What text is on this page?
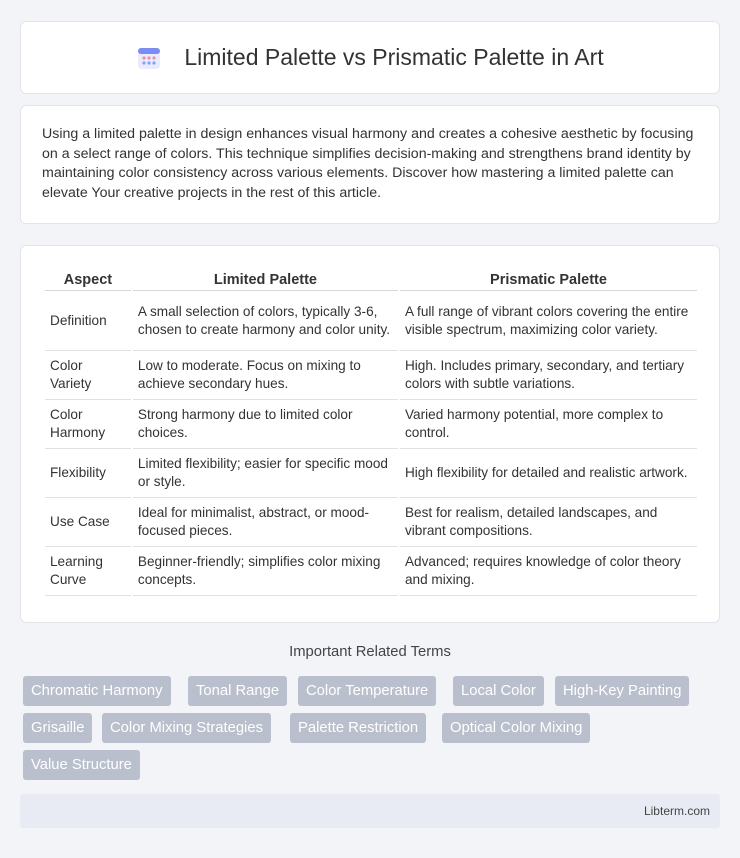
Limited Palette vs Prismatic Palette in Art

Using a limited palette in design enhances visual harmony and creates a cohesive aesthetic by focusing on a select range of colors. This technique simplifies decision-making and strengthens brand identity by maintaining color consistency across various elements. Discover how mastering a limited palette can elevate Your creative projects in the rest of this article.

Aspect	Limited Palette	Prismatic Palette
Definition	A small selection of colors, typically 3-6, chosen to create harmony and color unity.	A full range of vibrant colors covering the entire visible spectrum, maximizing color variety.
Color Variety	Low to moderate. Focus on mixing to achieve secondary hues.	High. Includes primary, secondary, and tertiary colors with subtle variations.
Color Harmony	Strong harmony due to limited color choices.	Varied harmony potential, more complex to control.
Flexibility	Limited flexibility; easier for specific mood or style.	High flexibility for detailed and realistic artwork.
Use Case	Ideal for minimalist, abstract, or mood-focused pieces.	Best for realism, detailed landscapes, and vibrant compositions.
Learning Curve	Beginner-friendly; simplifies color mixing concepts.	Advanced; requires knowledge of color theory and mixing.
Important Related Terms
Chromatic Harmony	Tonal Range	Color Temperature	Local Color	High-Key Painting
Grisaille	Color Mixing Strategies	Palette Restriction	Optical Color Mixing
Value Structure
Libterm.com
